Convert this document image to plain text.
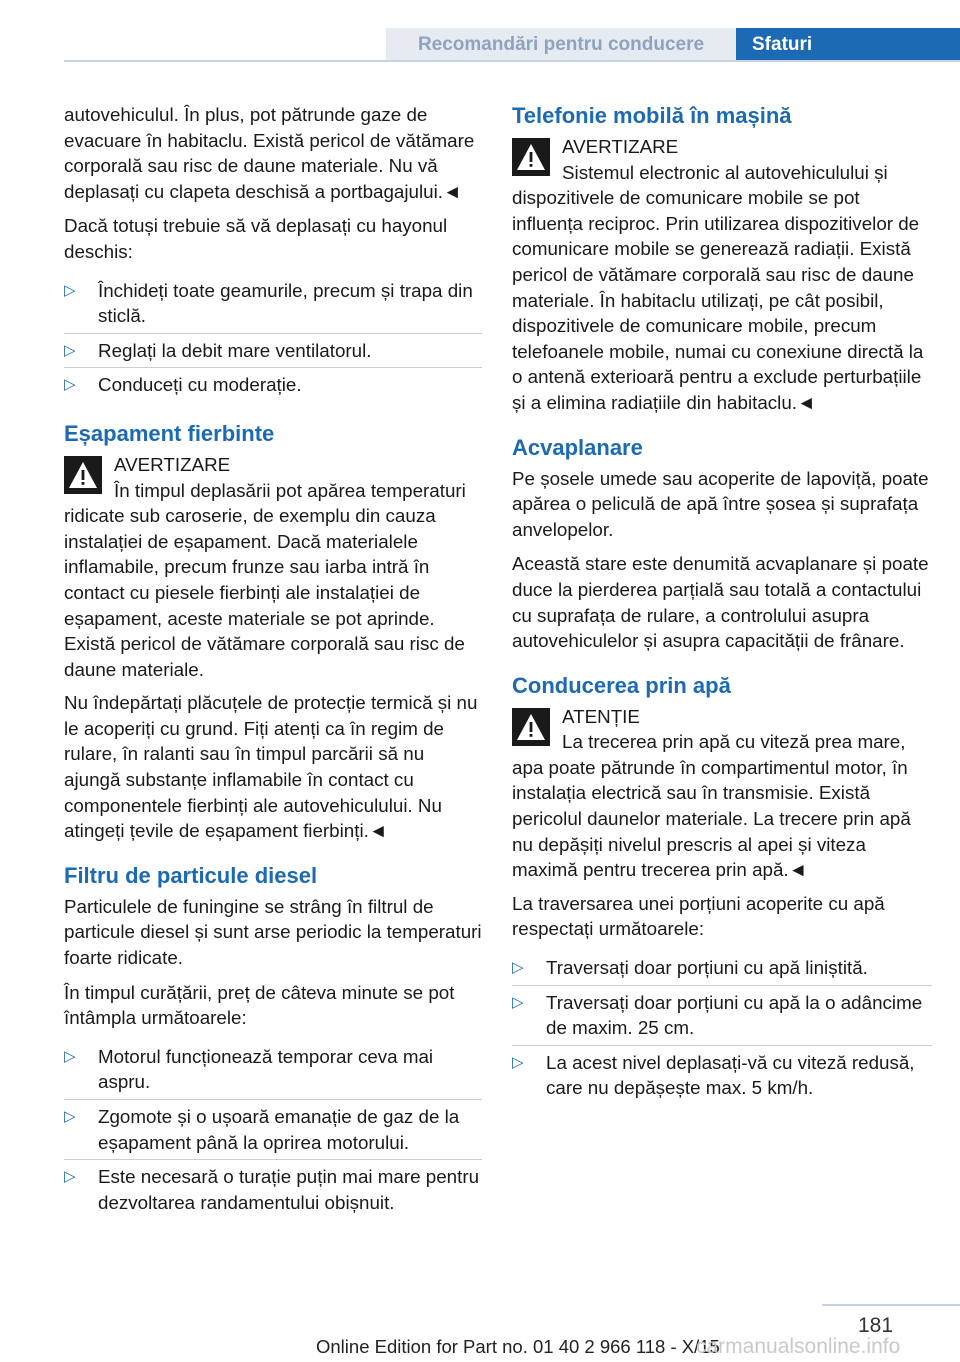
Recomandări pentru conducere	Sfaturi

autovehiculul. În plus, pot pătrunde gaze de evacuare în habitaclu. Există pericol de vătămare corporală sau risc de daune materiale. Nu vă deplasați cu clapeta deschisă a portbagajului.◄

Dacă totuși trebuie să vă deplasați cu hayonul deschis:

▷ Închideți toate geamurile, precum și trapa din sticlă.
▷ Reglați la debit mare ventilatorul.
▷ Conduceți cu moderație.
Eșapament fierbinte
AVERTIZARE
În timpul deplasării pot apărea temperaturi ridicate sub caroserie, de exemplu din cauza instalației de eșapament. Dacă materialele inflamabile, precum frunze sau iarba intră în contact cu piesele fierbinți ale instalației de eșapament, aceste materiale se pot aprinde. Există pericol de vătămare corporală sau risc de daune materiale.

Nu îndepărtați plăcuțele de protecție termică și nu le acoperiți cu grund. Fiți atenți ca în regim de rulare, în ralanti sau în timpul parcării să nu ajungă substanțe inflamabile în contact cu componentele fierbinți ale autovehiculului. Nu atingeți țevile de eșapament fierbinți.◄

Filtru de particule diesel

Particulele de funingine se strâng în filtrul de particule diesel și sunt arse periodic la temperaturi foarte ridicate.

În timpul curățării, preț de câteva minute se pot întâmpla următoarele:

▷ Motorul funcționează temporar ceva mai aspru.
▷ Zgomote și o ușoară emanație de gaz de la eșapament până la oprirea motorului.
▷ Este necesară o turație puțin mai mare pentru dezvoltarea randamentului obișnuit.
Telefonie mobilă în mașină
AVERTIZARE
Sistemul electronic al autovehiculului și dispozitivele de comunicare mobile se pot influența reciproc. Prin utilizarea dispozitivelor de comunicare mobile se generează radiații. Există pericol de vătămare corporală sau risc de daune materiale. În habitaclu utilizați, pe cât posibil, dispozitivele de comunicare mobile, precum telefoanele mobile, numai cu conexiune directă la o antenă exterioară pentru a exclude perturbațiile și a elimina radiațiile din habitaclu.◄
Acvaplanare

Pe șosele umede sau acoperite de lapoviță, poate apărea o peliculă de apă între șosea și suprafața anvelopelor.

Această stare este denumită acvaplanare și poate duce la pierderea parțială sau totală a contactului cu suprafața de rulare, a controlului asupra autovehiculelor și asupra capacității de frânare.

Conducerea prin apă
ATENȚIE
La trecerea prin apă cu viteză prea mare, apa poate pătrunde în compartimentul motor, în instalația electrică sau în transmisie. Există pericolul daunelor materiale. La trecere prin apă nu depășiți nivelul prescris al apei și viteza maximă pentru trecerea prin apă.◄

La traversarea unei porțiuni acoperite cu apă respectați următoarele:

▷ Traversați doar porțiuni cu apă liniștită.
▷ Traversați doar porțiuni cu apă la o adâncime de maxim. 25 cm.
▷ La acest nivel deplasați-vă cu viteză redusă, care nu depășește max. 5 km/h.
181
Online Edition for Part no. 01 40 2 966 118 - X/15
carmanualsonline.info
